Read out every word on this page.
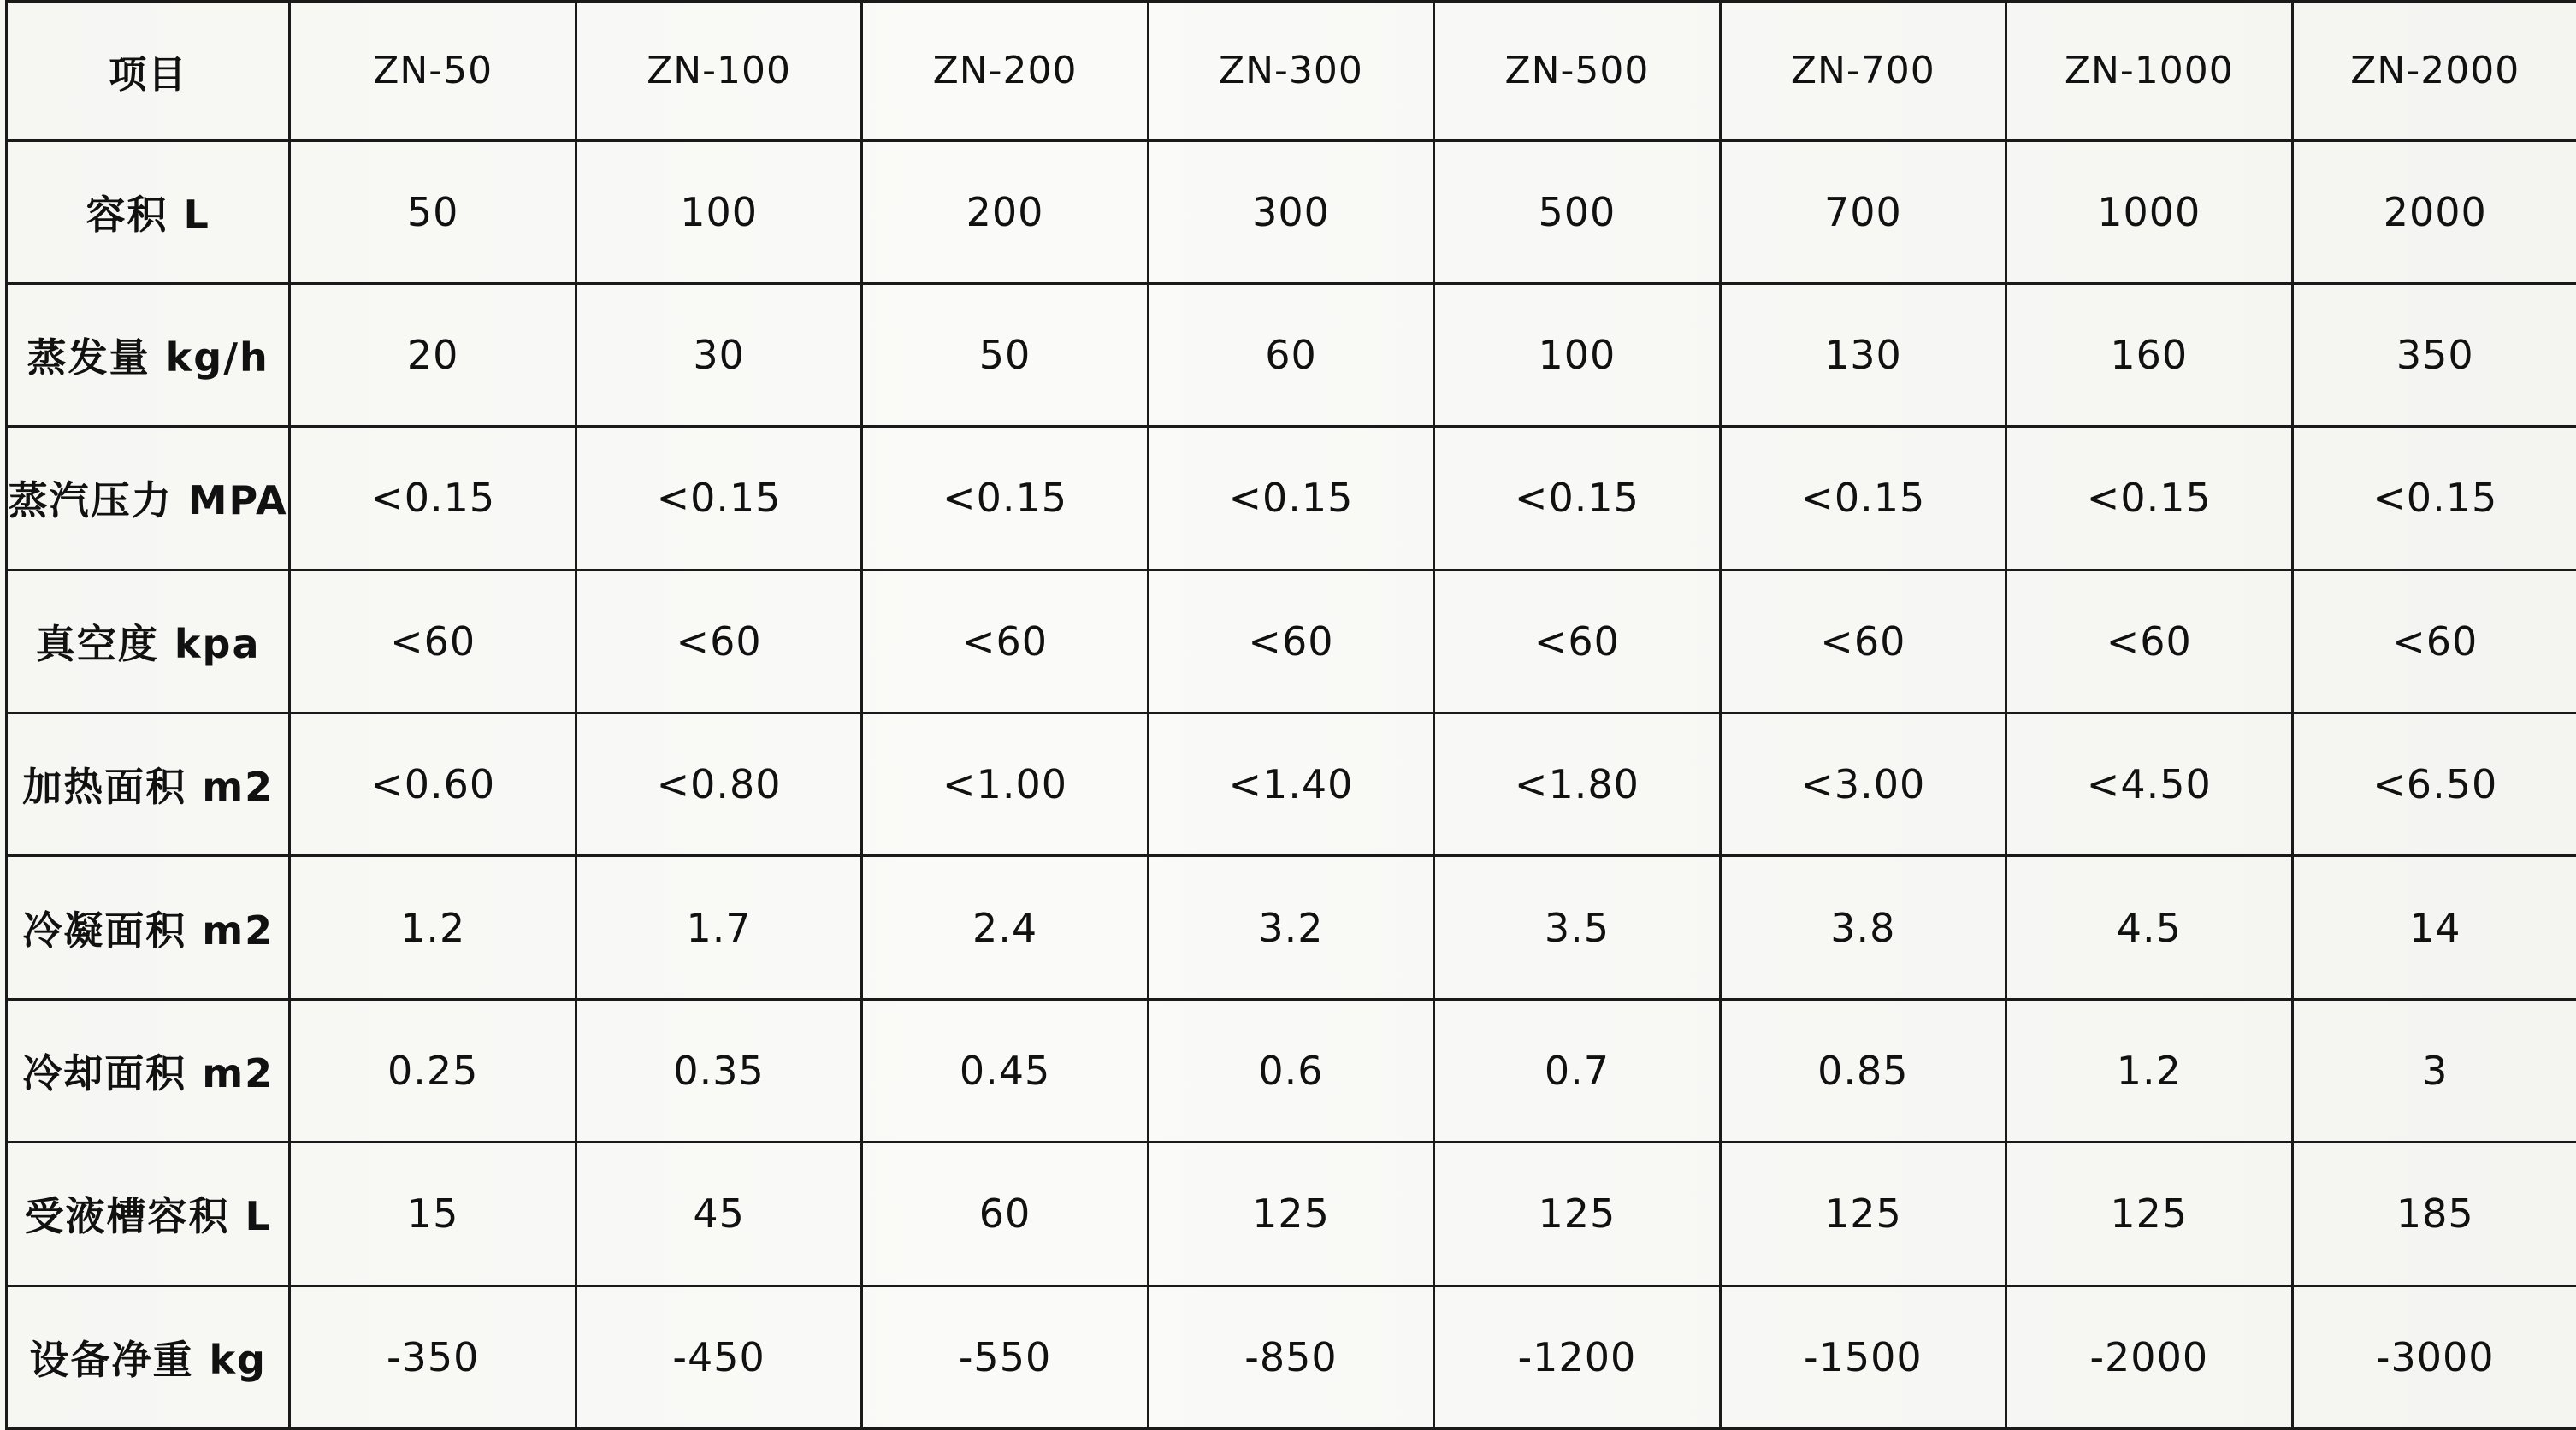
项目	ZN-50	ZN-100	ZN-200	ZN-300	ZN-500	ZN-700	ZN-1000	ZN-2000
容积 L	50	100	200	300	500	700	1000	2000
蒸发量 kg/h	20	30	50	60	100	130	160	350
蒸汽压力 MPA	<0.15	<0.15	<0.15	<0.15	<0.15	<0.15	<0.15	<0.15
真空度 kpa	<60	<60	<60	<60	<60	<60	<60	<60
加热面积 m2	<0.60	<0.80	<1.00	<1.40	<1.80	<3.00	<4.50	<6.50
冷凝面积 m2	1.2	1.7	2.4	3.2	3.5	3.8	4.5	14
冷却面积 m2	0.25	0.35	0.45	0.6	0.7	0.85	1.2	3
受液槽容积 L	15	45	60	125	125	125	125	185
设备净重 kg	-350	-450	-550	-850	-1200	-1500	-2000	-3000
